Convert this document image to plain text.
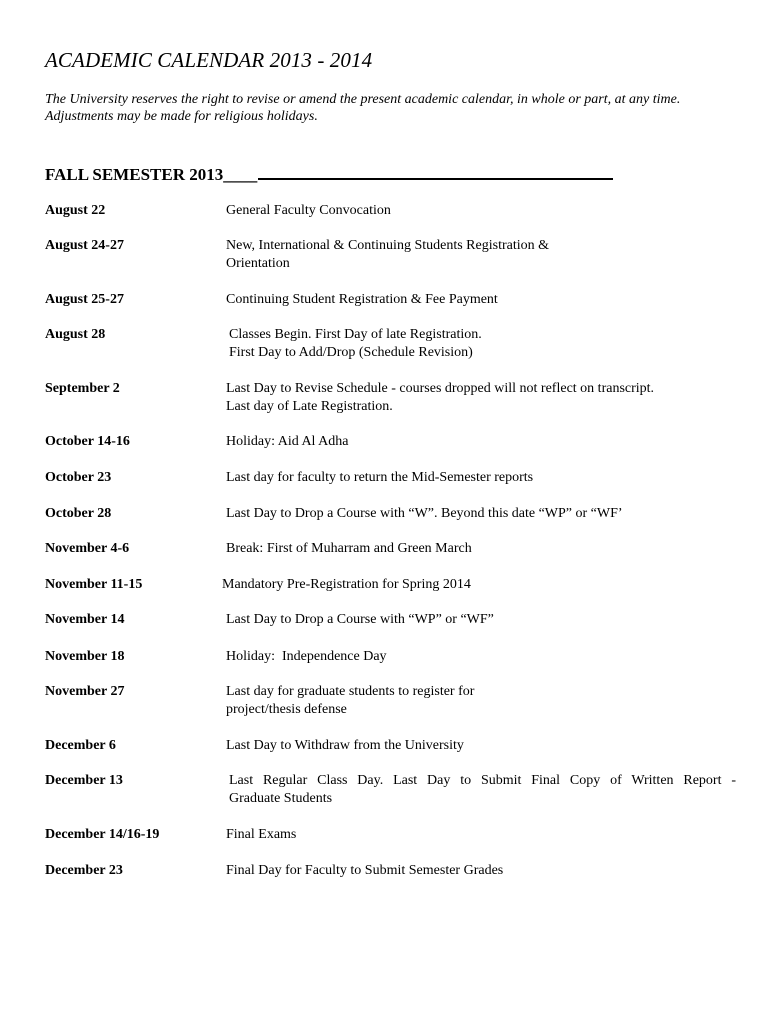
ACADEMIC CALENDAR 2013 - 2014

The University reserves the right to revise or amend the present academic calendar, in whole or part, at any time.
Adjustments may be made for religious holidays.

FALL SEMESTER 2013____
August 22	General Faculty Convocation
August 24-27	New, International & Continuing Students Registration &
Orientation
August 25-27	Continuing Student Registration & Fee Payment
August 28	Classes Begin. First Day of late Registration.
First Day to Add/Drop (Schedule Revision)
September 2	Last Day to Revise Schedule - courses dropped will not reflect on transcript.
Last day of Late Registration.
October 14-16	Holiday: Aid Al Adha
October 23	Last day for faculty to return the Mid-Semester reports
October 28	Last Day to Drop a Course with “W”. Beyond this date “WP” or “WF’
November 4-6	Break: First of Muharram and Green March
November 11-15	Mandatory Pre-Registration for Spring 2014
November 14	Last Day to Drop a Course with “WP” or “WF”
November 18	Holiday:  Independence Day
November 27	Last day for graduate students to register for
project/thesis defense
December 6	Last Day to Withdraw from the University
December 13	Last Regular Class Day. Last Day to Submit Final Copy of Written Report -
Graduate Students
December 14/16-19	Final Exams
December 23	Final Day for Faculty to Submit Semester Grades
